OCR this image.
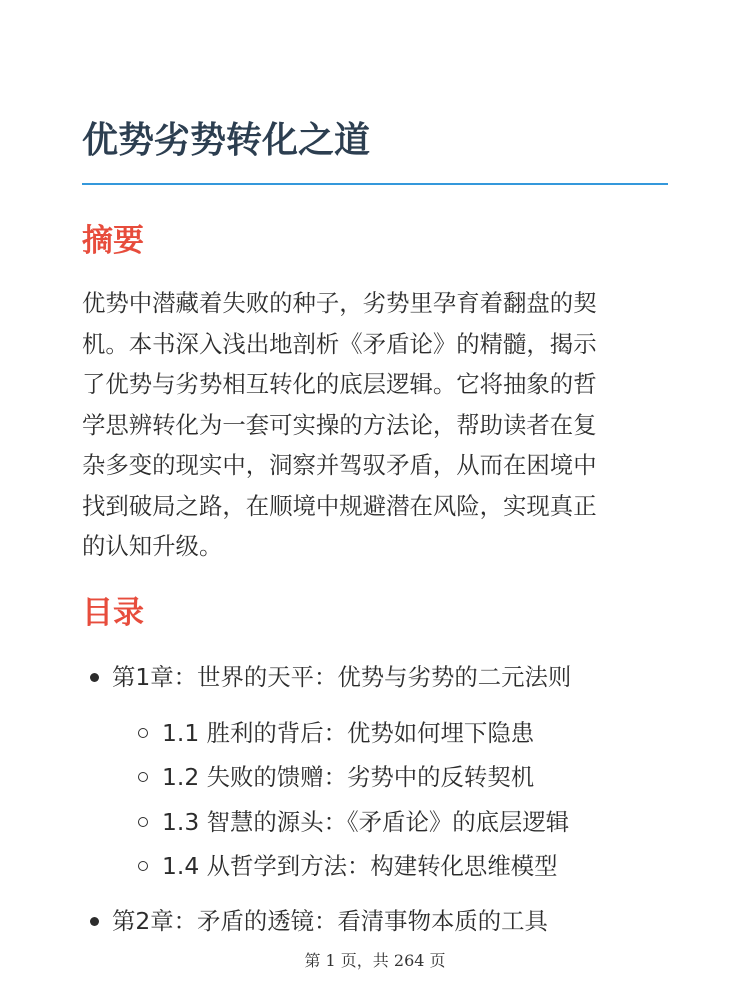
优势劣势转化之道
摘要

优势中潜藏着失败的种子，劣势里孕育着翻盘的契
机。本书深入浅出地剖析《矛盾论》的精髓，揭示
了优势与劣势相互转化的底层逻辑。它将抽象的哲
学思辨转化为一套可实操的方法论，帮助读者在复
杂多变的现实中，洞察并驾驭矛盾，从而在困境中
找到破局之路，在顺境中规避潜在风险，实现真正
的认知升级。

目录
第1章：世界的天平：优势与劣势的二元法则
1.1 胜利的背后：优势如何埋下隐患
1.2 失败的馈赠：劣势中的反转契机
1.3 智慧的源头：《矛盾论》的底层逻辑
1.4 从哲学到方法：构建转化思维模型
第2章：矛盾的透镜：看清事物本质的工具
第 1 页，共 264 页
